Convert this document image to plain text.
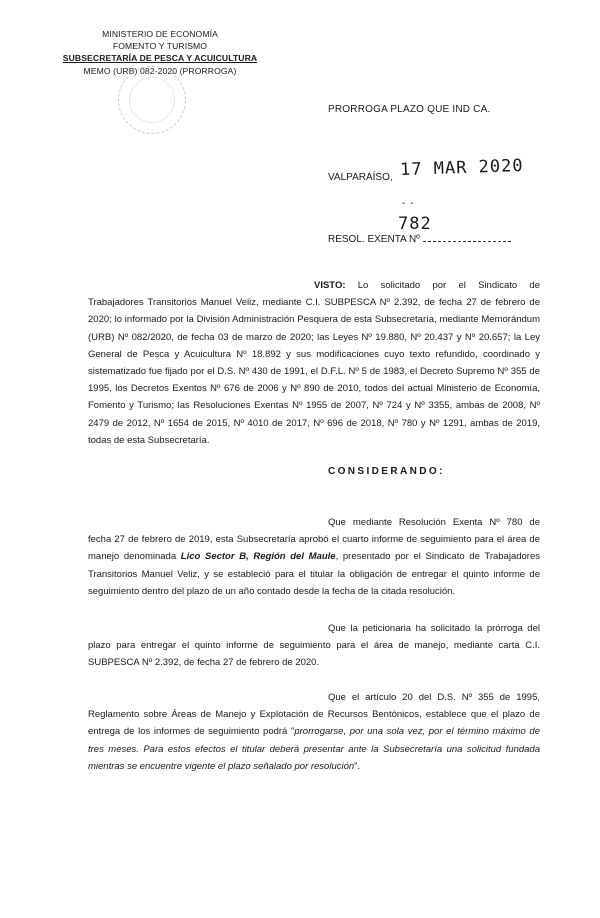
MINISTERIO DE ECONOMÍA
FOMENTO Y TURISMO
SUBSECRETARÍA DE PESCA Y ACUICULTURA
MEMO (URB) 082-2020 (PRORROGA)
PRORROGA PLAZO QUE IND CA.
VALPARAÍSO, 17 MAR 2020
- -
RESOL. EXENTA Nº
782
VISTO: Lo solicitado por el Sindicato de Trabajadores Transitorios Manuel Veliz, mediante C.I. SUBPESCA Nº 2.392, de fecha 27 de febrero de 2020; lo informado por la División Administración Pesquera de esta Subsecretaría, mediante Memorándum (URB) Nº 082/2020, de fecha 03 de marzo de 2020; las Leyes Nº 19.880, Nº 20.437 y Nº 20.657; la Ley General de Pesca y Acuicultura Nº 18.892 y sus modificaciones cuyo texto refundido, coordinado y sistematizado fue fijado por el D.S. Nº 430 de 1991, el D.F.L. Nº 5 de 1983, el Decreto Supremo Nº 355 de 1995, los Decretos Exentos Nº 676 de 2006 y Nº 890 de 2010, todos del actual Ministerio de Economía, Fomento y Turismo; las Resoluciones Exentas Nº 1955 de 2007, Nº 724 y Nº 3355, ambas de 2008, Nº 2479 de 2012, Nº 1654 de 2015, Nº 4010 de 2017, Nº 696 de 2018, Nº 780 y Nº 1291, ambas de 2019, todas de esta Subsecretaría.
CONSIDERANDO:
Que mediante Resolución Exenta Nº 780 de fecha 27 de febrero de 2019, esta Subsecretaría aprobó el cuarto informe de seguimiento para el área de manejo denominada Lico Sector B, Región del Maule, presentado por el Sindicato de Trabajadores Transitorios Manuel Veliz, y se estableció para el titular la obligación de entregar el quinto informe de seguimiento dentro del plazo de un año contado desde la fecha de la citada resolución.
Que la peticionaria ha solicitado la prórroga del plazo para entregar el quinto informe de seguimiento para el área de manejo, mediante carta C.I. SUBPESCA Nº 2.392, de fecha 27 de febrero de 2020.
Que el artículo 20 del D.S. Nº 355 de 1995, Reglamento sobre Áreas de Manejo y Explotación de Recursos Bentónicos, establece que el plazo de entrega de los informes de seguimiento podrá "prorrogarse, por una sola vez, por el término máximo de tres meses. Para estos efectos el titular deberá presentar ante la Subsecretaría una solicitud fundada mientras se encuentre vigente el plazo señalado por resolución".
